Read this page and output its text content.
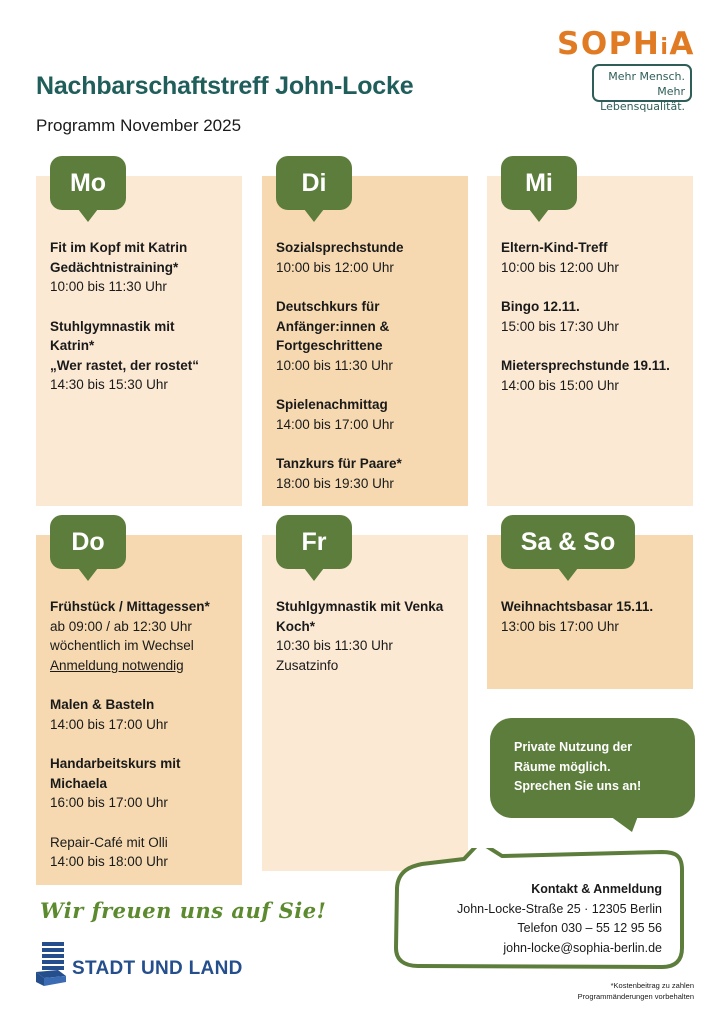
Nachbarschaftstreff John-Locke
Programm November 2025
SOPHiA
Mehr Mensch.
Mehr Lebensqualität.
Mo
Fit im Kopf mit Katrin
Gedächtnistraining*
10:00 bis 11:30 Uhr
Stuhlgymnastik mit
Katrin*
„Wer rastet, der rostet“
14:30 bis 15:30 Uhr
Di
Sozialsprechstunde
10:00 bis 12:00 Uhr
Deutschkurs für
Anfänger:innen &
Fortgeschrittene
10:00 bis 11:30 Uhr
Spielenachmittag
14:00 bis 17:00 Uhr
Tanzkurs für Paare*
18:00 bis 19:30 Uhr
Mi
Eltern-Kind-Treff
10:00 bis 12:00 Uhr
Bingo 12.11.
15:00 bis 17:30 Uhr
Mietersprechstunde 19.11.
14:00 bis 15:00 Uhr
Do
Frühstück / Mittagessen*
ab 09:00 / ab 12:30 Uhr
wöchentlich im Wechsel
Anmeldung notwendig
Malen & Basteln
14:00 bis 17:00 Uhr
Handarbeitskurs mit
Michaela
16:00 bis 17:00 Uhr
Repair-Café mit Olli
14:00 bis 18:00 Uhr
Fr
Stuhlgymnastik mit Venka
Koch*
10:30 bis 11:30 Uhr
Zusatzinfo
Sa & So
Weihnachtsbasar 15.11.
13:00 bis 17:00 Uhr
Private Nutzung der
Räume möglich.
Sprechen Sie uns an!
Kontakt & Anmeldung
John-Locke-Straße 25 · 12305 Berlin
Telefon 030 – 55 12 95 56
john-locke@sophia-berlin.de
Wir freuen uns auf Sie!
STADT UND LAND
*Kostenbeitrag zu zahlen
Programmänderungen vorbehalten
